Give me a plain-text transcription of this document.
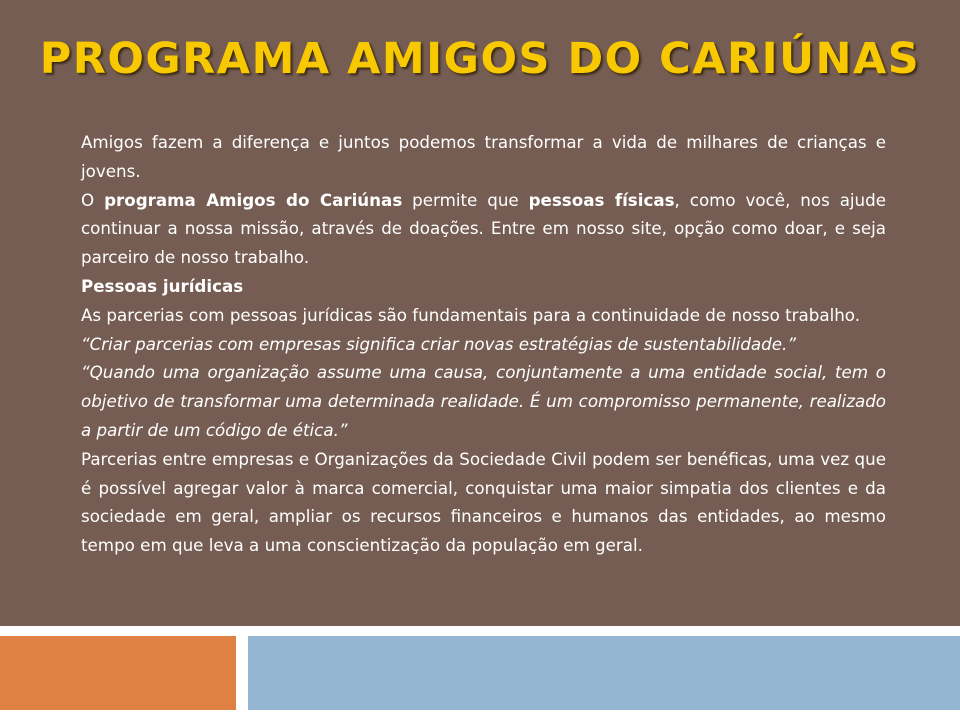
PROGRAMA AMIGOS DO CARIÚNAS

Amigos fazem a diferença e juntos podemos transformar a vida de milhares de crianças e jovens.

O programa Amigos do Cariúnas permite que pessoas físicas, como você, nos ajude continuar a nossa missão, através de doações. Entre em nosso site, opção como doar, e seja parceiro de nosso trabalho.

Pessoas jurídicas

As parcerias com pessoas jurídicas são fundamentais para a continuidade de nosso trabalho.

“Criar parcerias com empresas significa criar novas estratégias de sustentabilidade.”

“Quando uma organização assume uma causa, conjuntamente a uma entidade social, tem o objetivo de transformar uma determinada realidade. É um compromisso permanente, realizado a partir de um código de ética.”

Parcerias entre empresas e Organizações da Sociedade Civil podem ser benéficas, uma vez que é possível agregar valor à marca comercial, conquistar uma maior simpatia dos clientes e da sociedade em geral, ampliar os recursos financeiros e humanos das entidades, ao mesmo tempo em que leva a uma conscientização da população em geral.
